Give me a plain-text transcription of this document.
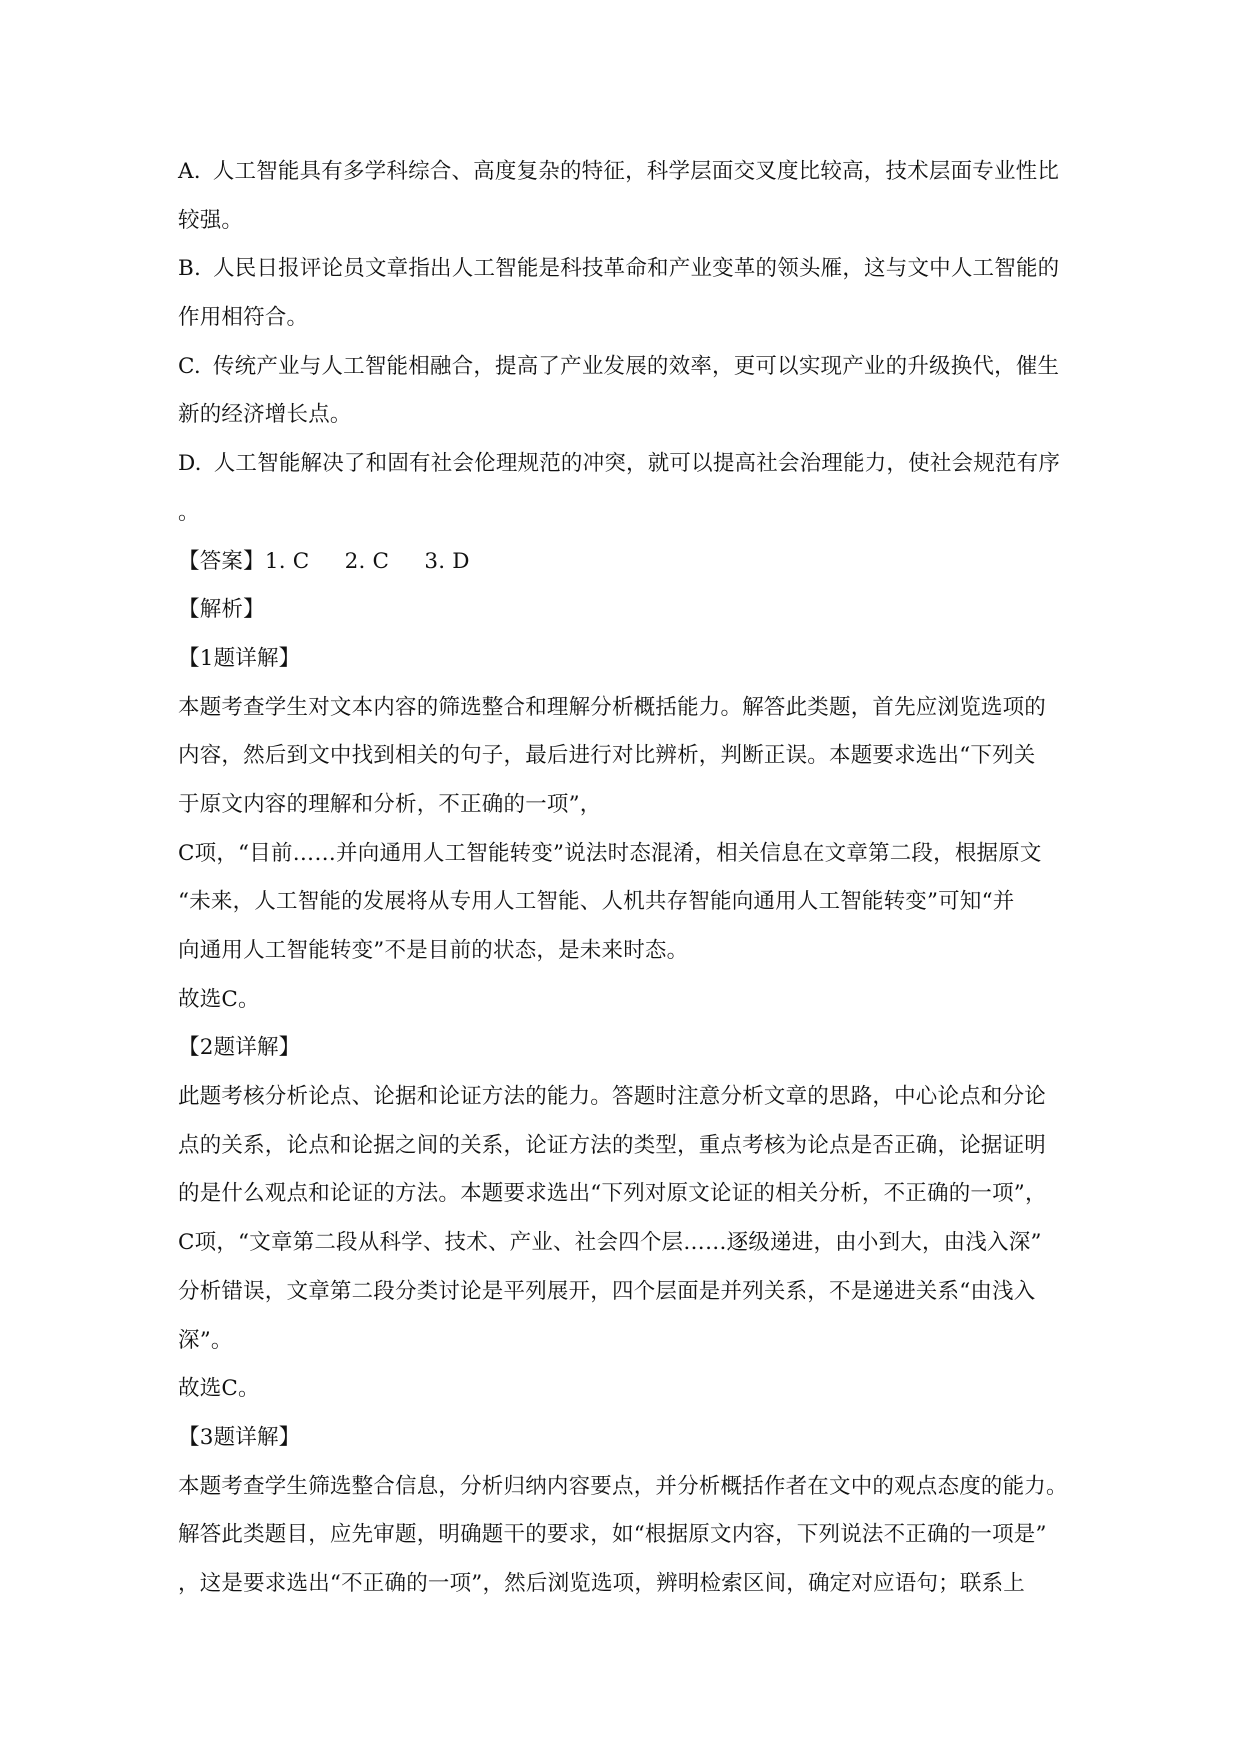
A. 人工智能具有多学科综合、高度复杂的特征，科学层面交叉度比较高，技术层面专业性比
较强。
B. 人民日报评论员文章指出人工智能是科技革命和产业变革的领头雁，这与文中人工智能的
作用相符合。
C. 传统产业与人工智能相融合，提高了产业发展的效率，更可以实现产业的升级换代，催生
新的经济增长点。
D. 人工智能解决了和固有社会伦理规范的冲突，就可以提高社会治理能力，使社会规范有序
。
【答案】1. C     2. C     3. D
【解析】
【1题详解】
本题考查学生对文本内容的筛选整合和理解分析概括能力。解答此类题，首先应浏览选项的
内容，然后到文中找到相关的句子，最后进行对比辨析，判断正误。本题要求选出“下列关
于原文内容的理解和分析，不正确的一项”，
C项，“目前……并向通用人工智能转变”说法时态混淆，相关信息在文章第二段，根据原文
“未来，人工智能的发展将从专用人工智能、人机共存智能向通用人工智能转变”可知“并
向通用人工智能转变”不是目前的状态，是未来时态。
故选C。
【2题详解】
此题考核分析论点、论据和论证方法的能力。答题时注意分析文章的思路，中心论点和分论
点的关系，论点和论据之间的关系，论证方法的类型，重点考核为论点是否正确，论据证明
的是什么观点和论证的方法。本题要求选出“下列对原文论证的相关分析，不正确的一项”，
C项，“文章第二段从科学、技术、产业、社会四个层……逐级递进，由小到大，由浅入深”
分析错误，文章第二段分类讨论是平列展开，四个层面是并列关系，不是递进关系“由浅入
深”。
故选C。
【3题详解】
本题考查学生筛选整合信息，分析归纳内容要点，并分析概括作者在文中的观点态度的能力。
解答此类题目，应先审题，明确题干的要求，如“根据原文内容，下列说法不正确的一项是”
，这是要求选出“不正确的一项”，然后浏览选项，辨明检索区间，确定对应语句；联系上
